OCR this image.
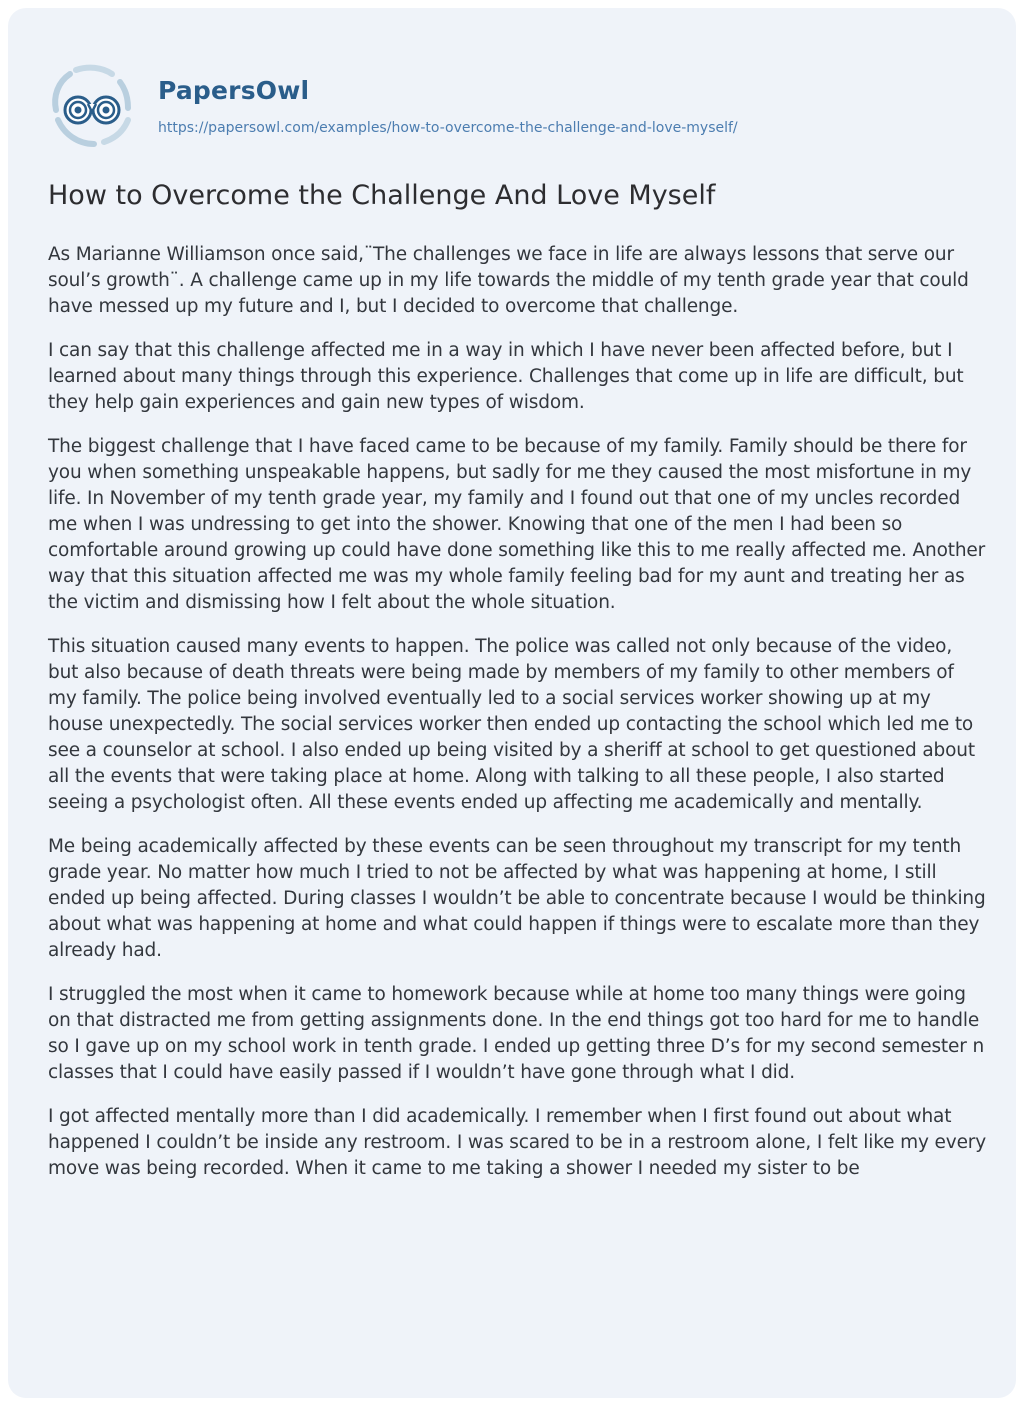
PapersOwl
https://papersowl.com/examples/how-to-overcome-the-challenge-and-love-myself/
How to Overcome the Challenge And Love Myself

As Marianne Williamson once said,¨The challenges we face in life are always lessons that serve our soul’s growth¨. A challenge came up in my life towards the middle of my tenth grade year that could have messed up my future and I, but I decided to overcome that challenge.

I can say that this challenge affected me in a way in which I have never been affected before, but I learned about many things through this experience. Challenges that come up in life are difficult, but they help gain experiences and gain new types of wisdom.

The biggest challenge that I have faced came to be because of my family. Family should be there for you when something unspeakable happens, but sadly for me they caused the most misfortune in my life. In November of my tenth grade year, my family and I found out that one of my uncles recorded me when I was undressing to get into the shower. Knowing that one of the men I had been so comfortable around growing up could have done something like this to me really affected me. Another way that this situation affected me was my whole family feeling bad for my aunt and treating her as the victim and dismissing how I felt about the whole situation.

This situation caused many events to happen. The police was called not only because of the video, but also because of death threats were being made by members of my family to other members of my family. The police being involved eventually led to a social services worker showing up at my house unexpectedly. The social services worker then ended up contacting the school which led me to see a counselor at school. I also ended up being visited by a sheriff at school to get questioned about all the events that were taking place at home. Along with talking to all these people, I also started seeing a psychologist often. All these events ended up affecting me academically and mentally.

Me being academically affected by these events can be seen throughout my transcript for my tenth grade year. No matter how much I tried to not be affected by what was happening at home, I still ended up being affected. During classes I wouldn’t be able to concentrate because I would be thinking about what was happening at home and what could happen if things were to escalate more than they already had.

I struggled the most when it came to homework because while at home too many things were going on that distracted me from getting assignments done. In the end things got too hard for me to handle so I gave up on my school work in tenth grade. I ended up getting three D’s for my second semester n classes that I could have easily passed if I wouldn’t have gone through what I did.

I got affected mentally more than I did academically. I remember when I first found out about what happened I couldn’t be inside any restroom. I was scared to be in a restroom alone, I felt like my every move was being recorded. When it came to me taking a shower I needed my sister to be
